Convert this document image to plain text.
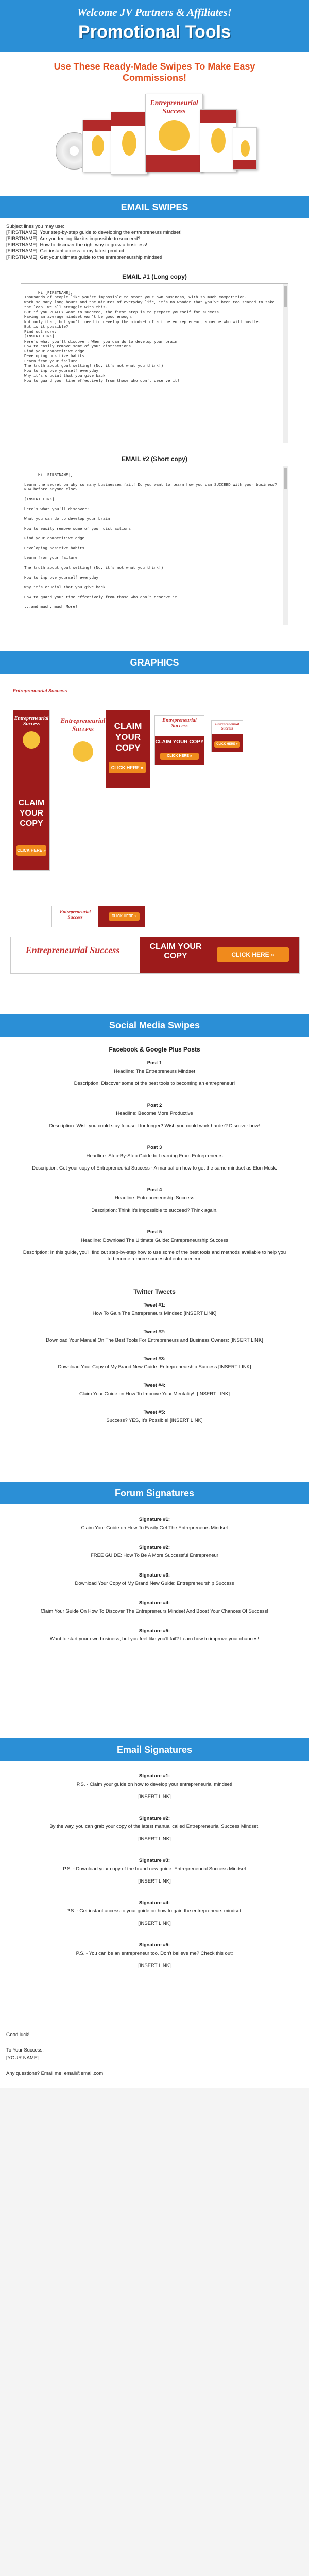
Welcome JV Partners & Affiliates!
Promotional Tools
Use These Ready-Made Swipes To Make Easy Commissions!
Entrepreneurial Success
EMAIL SWIPES
Subject lines you may use:
[FIRSTNAME], Your step-by-step guide to developing the entrepreneurs mindset!
[FIRSTNAME], Are you feeling like it's impossible to succeed?
[FIRSTNAME], How to discover the right way to grow a business!
[FIRSTNAME], Get instant access to my latest product!
[FIRSTNAME], Get your ultimate guide to the entrepreneurship mindset!
EMAIL #1 (Long copy)

Hi [FIRSTNAME],
Thousands of people like you're impossible to start your own business, with so much competition.
Work so many long hours and the minutes of everyday life, it's no wonder that you've been too scared to take the leap. We all struggle with this.
But if you REALLY want to succeed, the first step is to prepare yourself for success.
Having an average mindset won't be good enough.
Not only that, but you'll need to develop the mindset of a true entrepreneur, someone who will hustle.
But is it possible?
Find out more:
[INSERT LINK]
Here's what you'll discover: When you can do to develop your brain
How to easily remove some of your distractions
Find your competitive edge
Developing positive habits
Learn from your failure
The truth about goal setting! (No, it's not what you think!)
How to improve yourself everyday
Why it's crucial that you give back
How to guard your time effectively from those who don't deserve it!

EMAIL #2 (Short copy)

Hi [FIRSTNAME],

Learn the secret on why so many businesses fail! Do you want to learn how you can SUCCEED with your business? NOW before anyone else?

[INSERT LINK]

Here's what you'll discover:

What you can do to develop your brain

How to easily remove some of your distractions

Find your competitive edge

Developing positive habits

Learn from your failure

The truth about goal setting! (No, it's not what you think!)

How to improve yourself everyday

Why it's crucial that you give back

How to guard your time effectively from those who don't deserve it

...and much, much More!

GRAPHICS
Entrepreneurial Success
Entrepreneurial Success
CLAIM
YOUR
COPY
CLICK HERE »
Entrepreneurial Success	CLAIM
YOUR
COPY
CLICK HERE »
Entrepreneurial Success
CLAIM YOUR COPY
CLICK HERE »
Entrepreneurial Success
CLICK HERE »
Entrepreneurial Success	CLICK HERE »
Entrepreneurial Success	CLAIM YOUR
COPY	CLICK HERE »
Social Media Swipes
Facebook & Google Plus Posts
Post 1
Headline: The Entrepreneurs Mindset

Description: Discover some of the best tools to becoming an entrepreneur!
Post 2
Headline: Become More Productive

Description: Wish you could stay focused for longer? Wish you could work harder? Discover how!
Post 3
Headline: Step-By-Step Guide to Learning From Entrepreneurs

Description: Get your copy of Entrepreneurial Success - A manual on how to get the same mindset as Elon Musk.
Post 4
Headline: Entrepreneurship Success

Description: Think it's impossible to succeed? Think again.
Post 5
Headline: Download The Ultimate Guide: Entrepreneurship Success

Description: In this guide, you'll find out step-by-step how to use some of the best tools and methods available to help you to become a more successful entrepreneur.
Twitter Tweets
Tweet #1:
How To Gain The Entrepreneurs Mindset: [INSERT LINK]
Tweet #2:
Download Your Manual On The Best Tools For Entrepreneurs and Business Owners: [INSERT LINK]
Tweet #3:
Download Your Copy of My Brand New Guide: Entrepreneurship Success [INSERT LINK]
Tweet #4:
Claim Your Guide on How To Improve Your Mentality!: [INSERT LINK]
Tweet #5:
Success? YES, It's Possible! [INSERT LINK]
Forum Signatures
Signature #1:
Claim Your Guide on How To Easily Get The Entrepreneurs Mindset
Signature #2:
FREE GUIDE: How To Be A More Successful Entrepreneur
Signature #3:
Download Your Copy of My Brand New Guide: Entrepreneurship Success
Signature #4:
Claim Your Guide On How To Discover The Entrepreneurs Mindset And Boost Your Chances Of Success!
Signature #5:
Want to start your own business, but you feel like you'll fail? Learn how to improve your chances!
Email Signatures
Signature #1:
P.S. - Claim your guide on how to develop your entrepreneurial mindset!

[INSERT LINK]
Signature #2:
By the way, you can grab your copy of the latest manual called Entrepreneurial Success Mindset!

[INSERT LINK]
Signature #3:
P.S. - Download your copy of the brand new guide: Entrepreneurial Success Mindset

[INSERT LINK]
Signature #4:
P.S. - Get instant access to your guide on how to gain the entrepreneurs mindset!

[INSERT LINK]
Signature #5:
P.S. - You can be an entrepreneur too. Don't believe me? Check this out:

[INSERT LINK]
Good luck!

To Your Success,
[YOUR NAME]

Any questions? Email me: email@email.com
